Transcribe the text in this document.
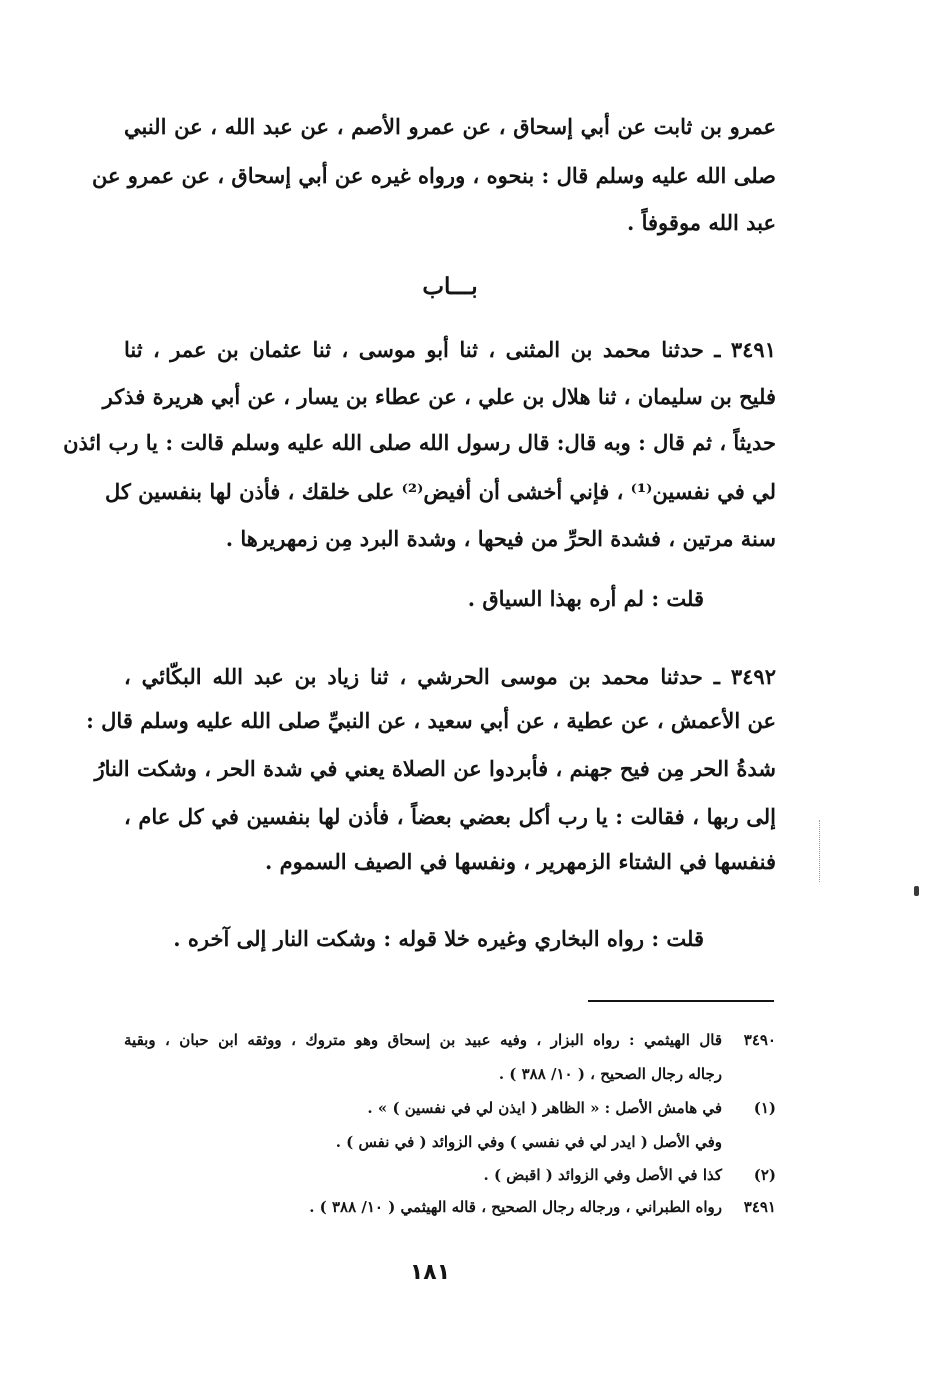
عمرو بن ثابت عن أبي إسحاق ، عن عمرو الأصم ، عن عبد الله ، عن النبي
صلى الله عليه وسلم قال : بنحوه ، ورواه غيره عن أبي إسحاق ، عن عمرو عن
عبد الله موقوفاً .
بـــاب
٣٤٩١ ـ حدثنا محمد بن المثنى ، ثنا أبو موسى ، ثنا عثمان بن عمر ، ثنا
فليح بن سليمان ، ثنا هلال بن علي ، عن عطاء بن يسار ، عن أبي هريرة فذكر
حديثاً ، ثم قال : وبه قال: قال رسول الله صلى الله عليه وسلم قالت : يا رب ائذن
لي في نفسين⁽¹⁾ ، فإني أخشى أن أفيض⁽²⁾ على خلقك ، فأذن لها بنفسين كل
سنة مرتين ، فشدة الحرِّ من فيحها ، وشدة البرد مِن زمهريرها .
قلت : لم أره بهذا السياق .
٣٤٩٢ ـ حدثنا محمد بن موسى الحرشي ، ثنا زياد بن عبد الله البكّائي ،
عن الأعمش ، عن عطية ، عن أبي سعيد ، عن النبيِّ صلى الله عليه وسلم قال :
شدةُ الحر مِن فيح جهنم ، فأبردوا عن الصلاة يعني في شدة الحر ، وشكت النارُ
إلى ربها ، فقالت : يا رب أكل بعضي بعضاً ، فأذن لها بنفسين في كل عام ،
فنفسها في الشتاء الزمهرير ، ونفسها في الصيف السموم .
قلت : رواه البخاري وغيره خلا قوله : وشكت النار إلى آخره .
٣٤٩٠
قال الهيثمي : رواه البزار ، وفيه عبيد بن إسحاق وهو متروك ، ووثقه ابن حبان ، وبقية
رجاله رجال الصحيح ، ( ١٠/ ٣٨٨ ) .
(١)
في هامش الأصل : « الظاهر ( ايذن لي في نفسين ) » .
وفي الأصل ( ايدر لي في نفسي ) وفي الزوائد ( في نفس ) .
(٢)
كذا في الأصل وفي الزوائد ( اقبض ) .
٣٤٩١
رواه الطبراني ، ورجاله رجال الصحيح ، قاله الهيثمي ( ١٠/ ٣٨٨ ) .
١٨١
